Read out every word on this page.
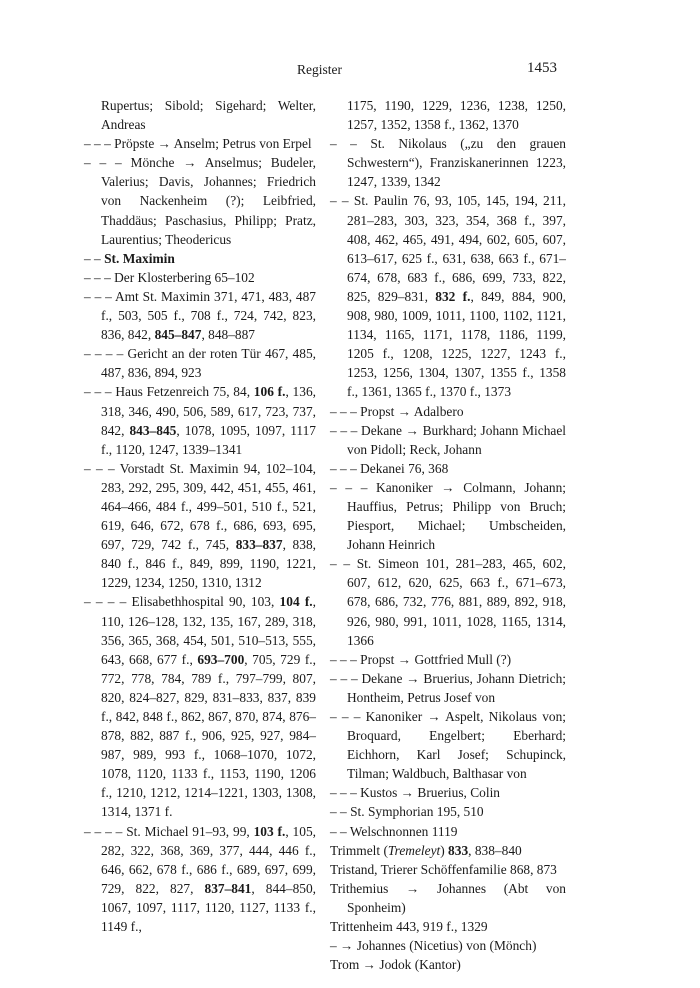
Register	1453

Rupertus; Sibold; Sigehard; Welter, Andreas

– – – Pröpste → Anselm; Petrus von Erpel

– – – Mönche → Anselmus; Budeler, Valerius; Davis, Johannes; Friedrich von Nackenheim (?); Leibfried, Thaddäus; Paschasius, Philipp; Pratz, Laurentius; Theodericus

– – St. Maximin

– – – Der Klosterbering 65–102

– – – Amt St. Maximin 371, 471, 483, 487 f., 503, 505 f., 708 f., 724, 742, 823, 836, 842, 845–847, 848–887

– – – – Gericht an der roten Tür 467, 485, 487, 836, 894, 923

– – – Haus Fetzenreich 75, 84, 106 f., 136, 318, 346, 490, 506, 589, 617, 723, 737, 842, 843–845, 1078, 1095, 1097, 1117 f., 1120, 1247, 1339–1341

– – – Vorstadt St. Maximin 94, 102–104, 283, 292, 295, 309, 442, 451, 455, 461, 464–466, 484 f., 499–501, 510 f., 521, 619, 646, 672, 678 f., 686, 693, 695, 697, 729, 742 f., 745, 833–837, 838, 840 f., 846 f., 849, 899, 1190, 1221, 1229, 1234, 1250, 1310, 1312

– – – – Elisabethhospital 90, 103, 104 f., 110, 126–128, 132, 135, 167, 289, 318, 356, 365, 368, 454, 501, 510–513, 555, 643, 668, 677 f., 693–700, 705, 729 f., 772, 778, 784, 789 f., 797–799, 807, 820, 824–827, 829, 831–833, 837, 839 f., 842, 848 f., 862, 867, 870, 874, 876–878, 882, 887 f., 906, 925, 927, 984–987, 989, 993 f., 1068–1070, 1072, 1078, 1120, 1133 f., 1153, 1190, 1206 f., 1210, 1212, 1214–1221, 1303, 1308, 1314, 1371 f.

– – – – St. Michael 91–93, 99, 103 f., 105, 282, 322, 368, 369, 377, 444, 446 f., 646, 662, 678 f., 686 f., 689, 697, 699, 729, 822, 827, 837–841, 844–850, 1067, 1097, 1117, 1120, 1127, 1133 f., 1149 f.,

1175, 1190, 1229, 1236, 1238, 1250, 1257, 1352, 1358 f., 1362, 1370

– – St. Nikolaus („zu den grauen Schwestern“), Franziskanerinnen 1223, 1247, 1339, 1342

– – St. Paulin 76, 93, 105, 145, 194, 211, 281–283, 303, 323, 354, 368 f., 397, 408, 462, 465, 491, 494, 602, 605, 607, 613–617, 625 f., 631, 638, 663 f., 671–674, 678, 683 f., 686, 699, 733, 822, 825, 829–831, 832 f., 849, 884, 900, 908, 980, 1009, 1011, 1100, 1102, 1121, 1134, 1165, 1171, 1178, 1186, 1199, 1205 f., 1208, 1225, 1227, 1243 f., 1253, 1256, 1304, 1307, 1355 f., 1358 f., 1361, 1365 f., 1370 f., 1373

– – – Propst → Adalbero

– – – Dekane → Burkhard; Johann Michael von Pidoll; Reck, Johann

– – – Dekanei 76, 368

– – – Kanoniker → Colmann, Johann; Hauffius, Petrus; Philipp von Bruch; Piesport, Michael; Umbscheiden, Johann Heinrich

– – St. Simeon 101, 281–283, 465, 602, 607, 612, 620, 625, 663 f., 671–673, 678, 686, 732, 776, 881, 889, 892, 918, 926, 980, 991, 1011, 1028, 1165, 1314, 1366

– – – Propst → Gottfried Mull (?)

– – – Dekane → Bruerius, Johann Dietrich; Hontheim, Petrus Josef von

– – – Kanoniker → Aspelt, Nikolaus von; Broquard, Engelbert; Eberhard; Eichhorn, Karl Josef; Schupinck, Tilman; Waldbuch, Balthasar von

– – – Kustos → Bruerius, Colin

– – St. Symphorian 195, 510

– – Welschnonnen 1119

Trimmelt (Tremeleyt) 833, 838–840

Tristand, Trierer Schöffenfamilie 868, 873

Trithemius → Johannes (Abt von Sponheim)

Trittenheim 443, 919 f., 1329

– → Johannes (Nicetius) von (Mönch)

Trom → Jodok (Kantor)
